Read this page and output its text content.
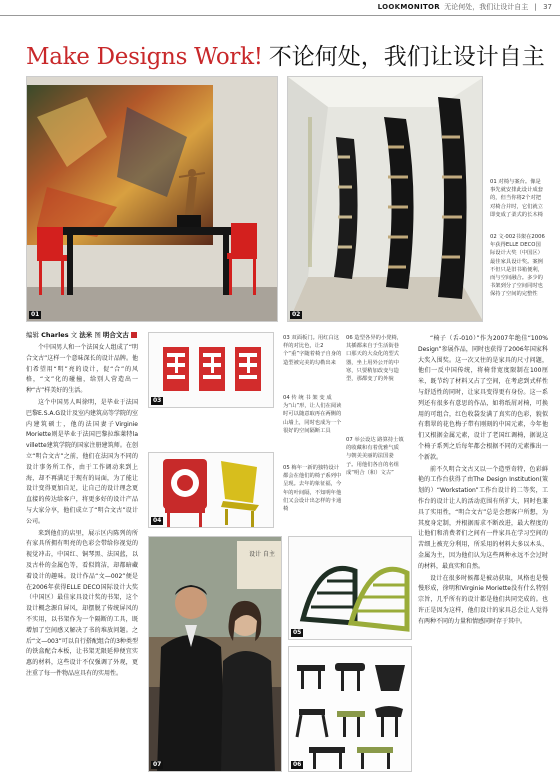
LOOKMONITOR 无论何处，我们让设计自主 | 37
Make Designs Work! 不论何处，我们让设计自主
01	02
01 对椅与案台。像是事先就安排此设计成套的，但当你将2个对把对椅合并时，它们就立即变成了柔式的长木椅
02 文·002书架在2006年获得ELLE DECO国际设计大奖（中国区）最佳家具设计奖。案例不但只是旧书箱便利，而与空间融合。多少的书架到分了空间同时也保持了空间的完整性
编辑 Charles 文 法米 图 明合文古

个中国男人和一个法国女人组成了“明合文古”这样一个意味深长的设计品牌。他们希望用“明”亮的设计，促“合”的风格，“文”化的碰撞，给别人营造出一种“古”样美好的生活。

这个中国男人叫徐明，是毕业于法国巴黎E.S.A.G设计及室内建筑高等学院的室内建筑硕士，他的法国妻子Virginie Moriette则是毕业于法国巴黎拉维莱特la villette建筑学院的国家注册建筑师。在创立“明合文古”之前，他们在法国为不同的设计事务所工作，由于工作调动来到上海，却不再满足于现有的局面，为了能让设计变得更加自足，让自己的设计理念更直接的传达给客户，将更多好的设计产品与大家分享，他们成立了“明合文古”设计公司。

来到他们的店里，展示区内陈列的所有家具所拥有明亮的色彩会带给你视觉的视觉冲击，中国红、铜琴黑、法国蓝，以及古朴的金属色等，看似简洁，却都暗藏着设计的趣味。设计作品“文—002”便是在2006年获得ELLE DECO国际设计大奖（中国区）最佳家具设计奖的书架，这个设计概念源自屏风，却摆脱了传统屏风的不实用，以书架作为一个隔断的工具，既增加了空间感又解决了书的堆放问题。之后“文—003”可以自行搭配组合的3种类型的铁盒配合本板，让书架无限延伸便宜实惠的材料，这些设计不仅强调了外观，更注重了每一件物品应具有的实用性。

03
04
03 双面板门。用红白这样的对比色，让2个“重”字随着椅子自身的造型被完美的勾勒出来
04 传 统 书 架 变 成 为“山”形，让人们在阅读时可以随意取再在两侧的山墙上，同时也成为一个很好的空间隔断工具
05 梅年一新的独特设计都会在他们的椅子系列中呈现。去年的象征福，今年的叶间隔，不知明年他们又会设计出怎样的卡通椅
06 造型各异的小凳椅，其插都来自于生活街巷口那天的大众化的型式器，坐上用外公开的中寒，只要稍加改变与造型，那都变了的外貌
07 举公设达 路算持士镇的收藏和有着优雅气质与朝美美丽的法国妻子。用他们各自的名组成“明合（和）文古”
设计 自主
07
05
06

“椅子（舌-010）”作为2007年绝佳“100% Design”参展作品，同时也获得了2006年国家科大奖入围奖。这一次又往的是家具的尺寸问题，他们一反中国传统，将椅背宽度限制在100厘米，既节约了材料又占了空间，在考虑到式样性与舒适性的同时，让家具变得更有身份。这一系列还有很多有意思的作品，如将纸屑对椅，可换用的可组合，红色收袋发满了真实的色彩，貌似有翡翠的花色梅子带有刚刻的中国元素，今年他们又根据金属元素，设计了老国红调椅，据说这个椅子系列之后每年都会根据不同的元素推出一个新款。

前不久明合文古又以一个造型奇特，色彩鲜艳的工作台获得了由The Design Institution(策划的）“Workstation”工作台设计的二等奖，工作台的设计让人的活动范围有所扩大，同时也兼具了实用性，“明合文古”总是会想客户所想，为其度身定制，并根据需求不断改进，最大程度的让他们和消费者们之间有一件家具在学习空间的苦细上被充分利用，所采用的材料大多以木头、金属为主，因为他们认为这些两种永远不会过时的材料，最真实和自然。

设计在很多时候都是被动获取，风格也是慢慢形成，徐明和Virginie Moriette没有什么特别宗旨，几乎所有的设计都是他们共同完成的。也许正是因为这样，他们设计的家具总会让人觉得有两种不同的力量和情感同时存于其中。
